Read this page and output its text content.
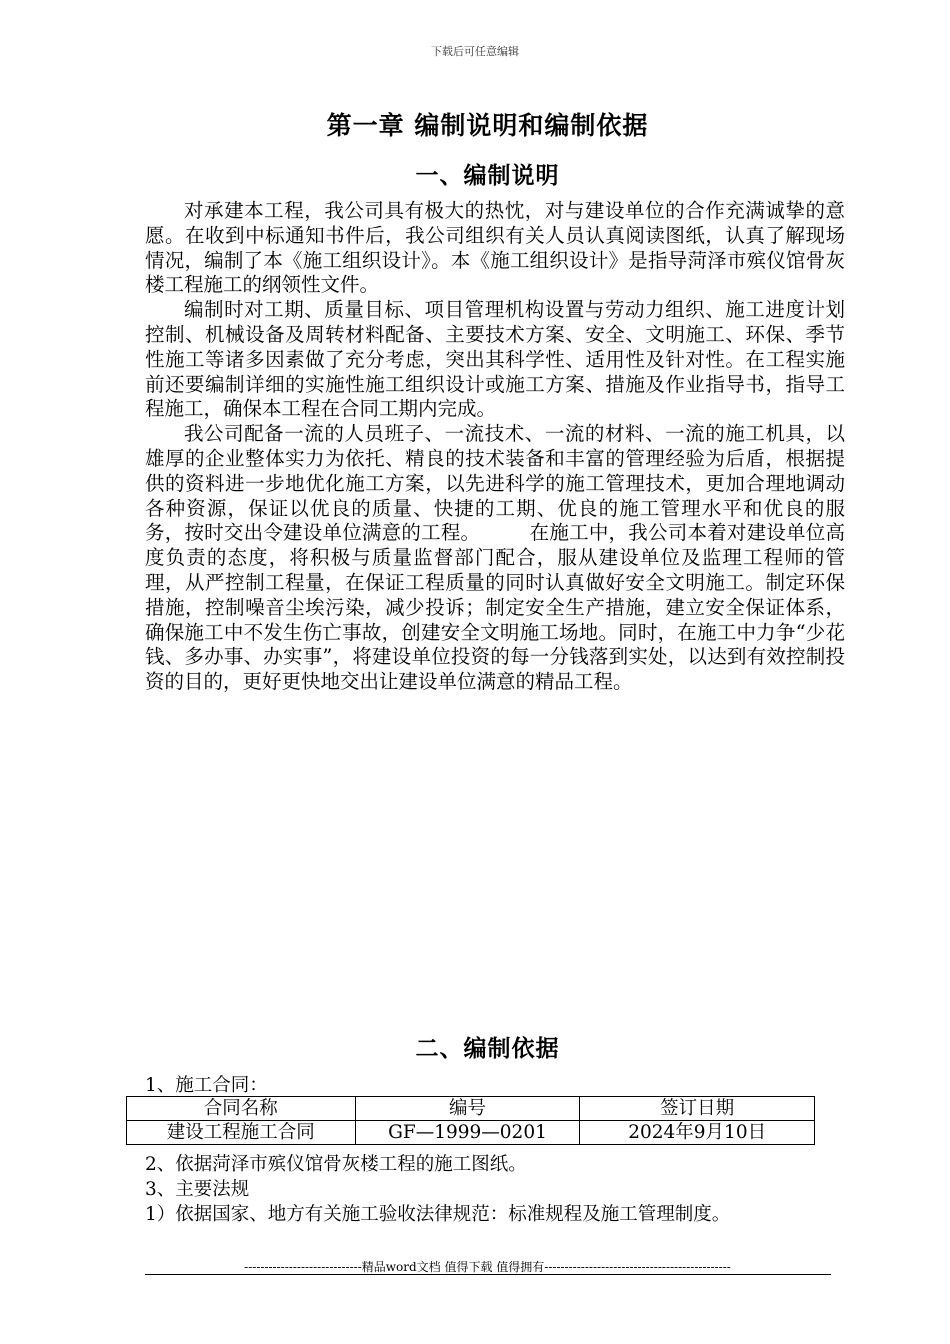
下载后可任意编辑
第一章 编制说明和编制依据
一、编制说明

对承建本工程，我公司具有极大的热忱，对与建设单位的合作充满诚挚的意愿。在收到中标通知书件后，我公司组织有关人员认真阅读图纸，认真了解现场情况，编制了本《施工组织设计》。本《施工组织设计》是指导菏泽市殡仪馆骨灰楼工程施工的纲领性文件。

编制时对工期、质量目标、项目管理机构设置与劳动力组织、施工进度计划控制、机械设备及周转材料配备、主要技术方案、安全、文明施工、环保、季节性施工等诸多因素做了充分考虑，突出其科学性、适用性及针对性。在工程实施前还要编制详细的实施性施工组织设计或施工方案、措施及作业指导书，指导工程施工，确保本工程在合同工期内完成。

我公司配备一流的人员班子、一流技术、一流的材料、一流的施工机具，以雄厚的企业整体实力为依托、精良的技术装备和丰富的管理经验为后盾，根据提供的资料进一步地优化施工方案，以先进科学的施工管理技术，更加合理地调动各种资源，保证以优良的质量、快捷的工期、优良的施工管理水平和优良的服务，按时交出令建设单位满意的工程。　　　在施工中，我公司本着对建设单位高度负责的态度，将积极与质量监督部门配合，服从建设单位及监理工程师的管理，从严控制工程量，在保证工程质量的同时认真做好安全文明施工。制定环保措施，控制噪音尘埃污染，减少投诉；制定安全生产措施，建立安全保证体系，确保施工中不发生伤亡事故，创建安全文明施工场地。同时，在施工中力争“少花钱、多办事、办实事”，将建设单位投资的每一分钱落到实处，以达到有效控制投资的目的，更好更快地交出让建设单位满意的精品工程。

二、编制依据
1、施工合同：
合同名称	编号	签订日期
建设工程施工合同	GF—1999—0201	2024年9月10日
2、依据菏泽市殡仪馆骨灰楼工程的施工图纸。
3、主要法规
1）依据国家、地方有关施工验收法律规范：标准规程及施工管理制度。
-----------------------------精品word文档 值得下载 值得拥有----------------------------------------------
